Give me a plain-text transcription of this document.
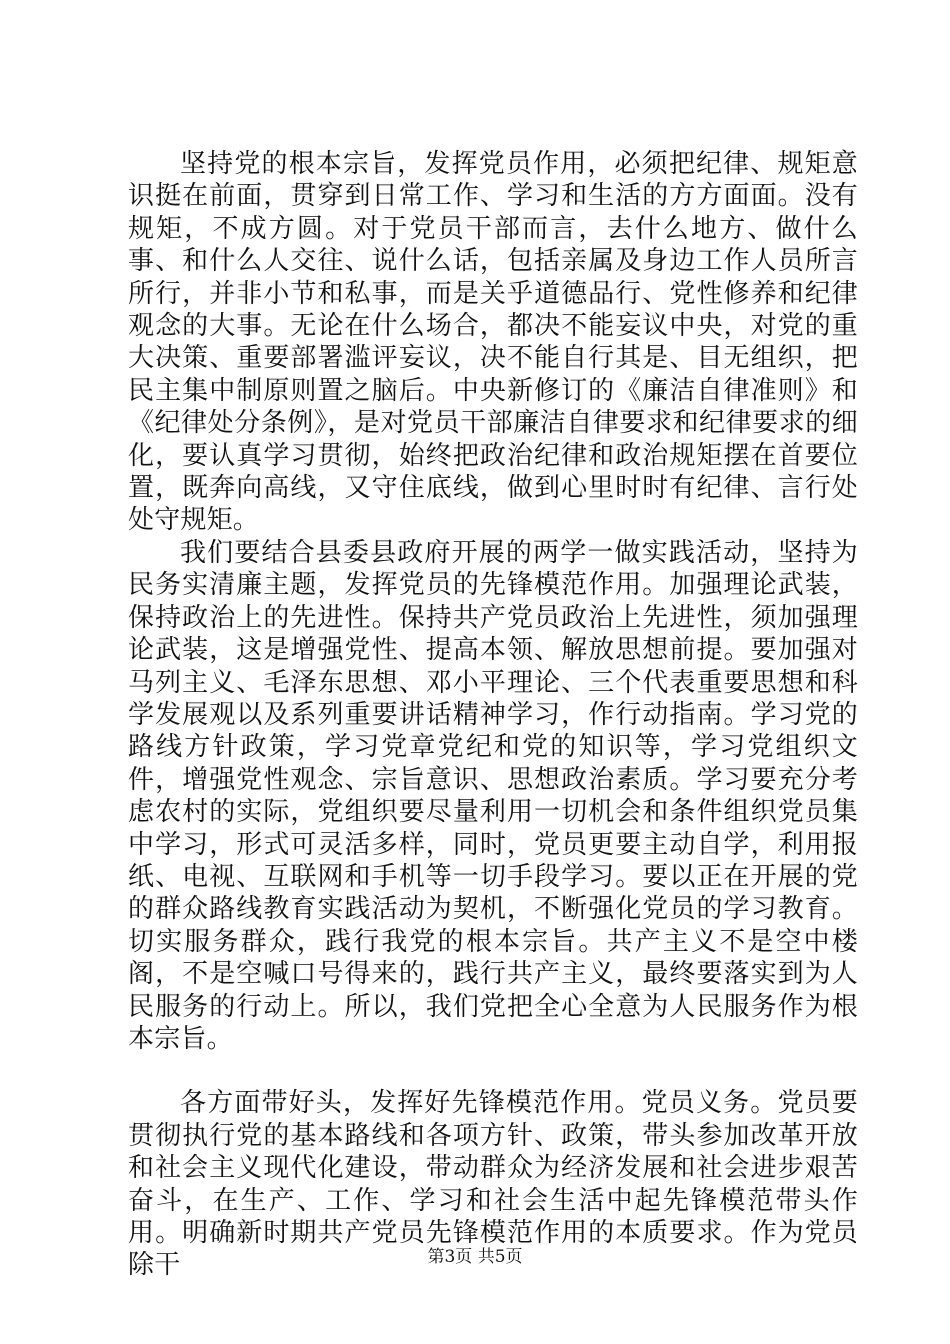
坚持党的根本宗旨，发挥党员作用，必须把纪律、规矩意识挺在前面，贯穿到日常工作、学习和生活的方方面面。没有规矩，不成方圆。对于党员干部而言，去什么地方、做什么事、和什么人交往、说什么话，包括亲属及身边工作人员所言所行，并非小节和私事，而是关乎道德品行、党性修养和纪律观念的大事。无论在什么场合，都决不能妄议中央，对党的重大决策、重要部署滥评妄议，决不能自行其是、目无组织，把民主集中制原则置之脑后。中央新修订的《廉洁自律准则》和《纪律处分条例》，是对党员干部廉洁自律要求和纪律要求的细化，要认真学习贯彻，始终把政治纪律和政治规矩摆在首要位置，既奔向高线，又守住底线，做到心里时时有纪律、言行处处守规矩。

我们要结合县委县政府开展的两学一做实践活动，坚持为民务实清廉主题，发挥党员的先锋模范作用。加强理论武装，保持政治上的先进性。保持共产党员政治上先进性，须加强理论武装，这是增强党性、提高本领、解放思想前提。要加强对马列主义、毛泽东思想、邓小平理论、三个代表重要思想和科学发展观以及系列重要讲话精神学习，作行动指南。学习党的路线方针政策，学习党章党纪和党的知识等，学习党组织文件，增强党性观念、宗旨意识、思想政治素质。学习要充分考虑农村的实际，党组织要尽量利用一切机会和条件组织党员集中学习，形式可灵活多样，同时，党员更要主动自学，利用报纸、电视、互联网和手机等一切手段学习。要以正在开展的党的群众路线教育实践活动为契机，不断强化党员的学习教育。切实服务群众，践行我党的根本宗旨。共产主义不是空中楼阁，不是空喊口号得来的，践行共产主义，最终要落实到为人民服务的行动上。所以，我们党把全心全意为人民服务作为根本宗旨。

各方面带好头，发挥好先锋模范作用。党员义务。党员要贯彻执行党的基本路线和各项方针、政策，带头参加改革开放和社会主义现代化建设，带动群众为经济发展和社会进步艰苦奋斗，在生产、工作、学习和社会生活中起先锋模范带头作用。明确新时期共产党员先锋模范作用的本质要求。作为党员除干	第3页 共5页
